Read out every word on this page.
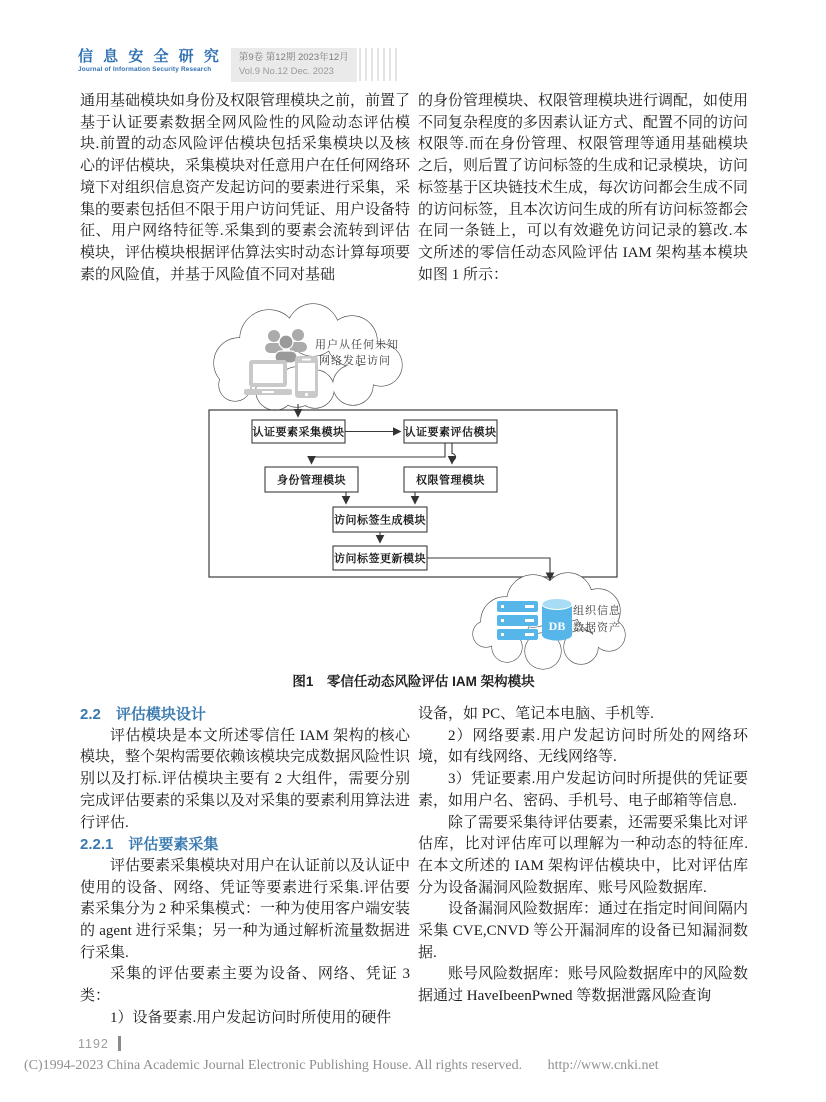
信 息 安 全 研 究
Journal of Information Security Research
第9卷 第12期 2023年12月
Vol.9 No.12 Dec. 2023

通用基础模块如身份及权限管理模块之前，前置了基于认证要素数据全网风险性的风险动态评估模块.前置的动态风险评估模块包括采集模块以及核心的评估模块，采集模块对任意用户在任何网络环境下对组织信息资产发起访问的要素进行采集，采集的要素包括但不限于用户访问凭证、用户设备特征、用户网络特征等.采集到的要素会流转到评估模块，评估模块根据评估算法实时动态计算每项要素的风险值，并基于风险值不同对基础

的身份管理模块、权限管理模块进行调配，如使用不同复杂程度的多因素认证方式、配置不同的访问权限等.而在身份管理、权限管理等通用基础模块之后，则后置了访问标签的生成和记录模块，访问标签基于区块链技术生成，每次访问都会生成不同的访问标签，且本次访问生成的所有访问标签都会在同一条链上，可以有效避免访问记录的篡改.本文所述的零信任动态风险评估 IAM 架构基本模块如图 1 所示：

用户从任何未知
网络发起访问
认证要素采集模块	认证要素评估模块
身份管理模块	权限管理模块
访问标签生成模块
访问标签更新模块
DB
组织信息
数据资产
图1　零信任动态风险评估 IAM 架构模块

2.2　评估模块设计

评估模块是本文所述零信任 IAM 架构的核心模块，整个架构需要依赖该模块完成数据风险性识别以及打标.评估模块主要有 2 大组件，需要分别完成评估要素的采集以及对采集的要素利用算法进行评估.

2.2.1　评估要素采集

评估要素采集模块对用户在认证前以及认证中使用的设备、网络、凭证等要素进行采集.评估要素采集分为 2 种采集模式：一种为使用客户端安装的 agent 进行采集；另一种为通过解析流量数据进行采集.

采集的评估要素主要为设备、网络、凭证 3 类：

1）设备要素.用户发起访问时所使用的硬件

设备，如 PC、笔记本电脑、手机等.

2）网络要素.用户发起访问时所处的网络环境，如有线网络、无线网络等.

3）凭证要素.用户发起访问时所提供的凭证要素，如用户名、密码、手机号、电子邮箱等信息.

除了需要采集待评估要素，还需要采集比对评估库，比对评估库可以理解为一种动态的特征库.在本文所述的 IAM 架构评估模块中，比对评估库分为设备漏洞风险数据库、账号风险数据库.

设备漏洞风险数据库：通过在指定时间间隔内采集 CVE,CNVD 等公开漏洞库的设备已知漏洞数据.

账号风险数据库：账号风险数据库中的风险数据通过 HaveIbeenPwned 等数据泄露风险查询

1192
(C)1994-2023 China Academic Journal Electronic Publishing House. All rights reserved. http://www.cnki.net
